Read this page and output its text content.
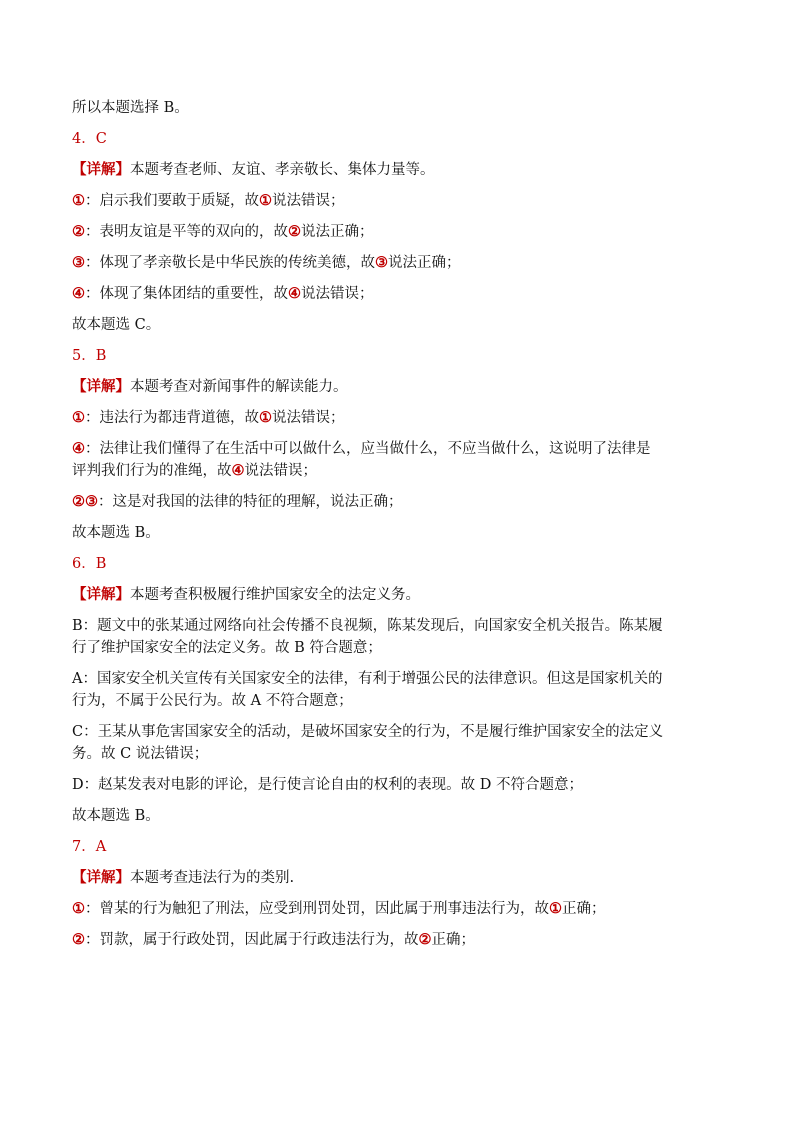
所以本题选择 B。
4．C
【详解】本题考查老师、友谊、孝亲敬长、集体力量等。
①：启示我们要敢于质疑，故①说法错误；
②：表明友谊是平等的双向的，故②说法正确；
③：体现了孝亲敬长是中华民族的传统美德，故③说法正确；
④：体现了集体团结的重要性，故④说法错误；
故本题选 C。
5．B
【详解】本题考查对新闻事件的解读能力。
①：违法行为都违背道德，故①说法错误；
④：法律让我们懂得了在生活中可以做什么，应当做什么，不应当做什么，这说明了法律是
评判我们行为的准绳，故④说法错误；
②③：这是对我国的法律的特征的理解，说法正确；
故本题选 B。
6．B
【详解】本题考查积极履行维护国家安全的法定义务。
B：题文中的张某通过网络向社会传播不良视频，陈某发现后，向国家安全机关报告。陈某履
行了维护国家安全的法定义务。故 B 符合题意；
A：国家安全机关宣传有关国家安全的法律，有利于增强公民的法律意识。但这是国家机关的
行为，不属于公民行为。故 A 不符合题意；
C：王某从事危害国家安全的活动，是破坏国家安全的行为，不是履行维护国家安全的法定义
务。故 C 说法错误；
D：赵某发表对电影的评论，是行使言论自由的权利的表现。故 D 不符合题意；
故本题选 B。
7．A
【详解】本题考查违法行为的类别.
①：曾某的行为触犯了刑法，应受到刑罚处罚，因此属于刑事违法行为，故①正确；
②：罚款，属于行政处罚，因此属于行政违法行为，故②正确；
